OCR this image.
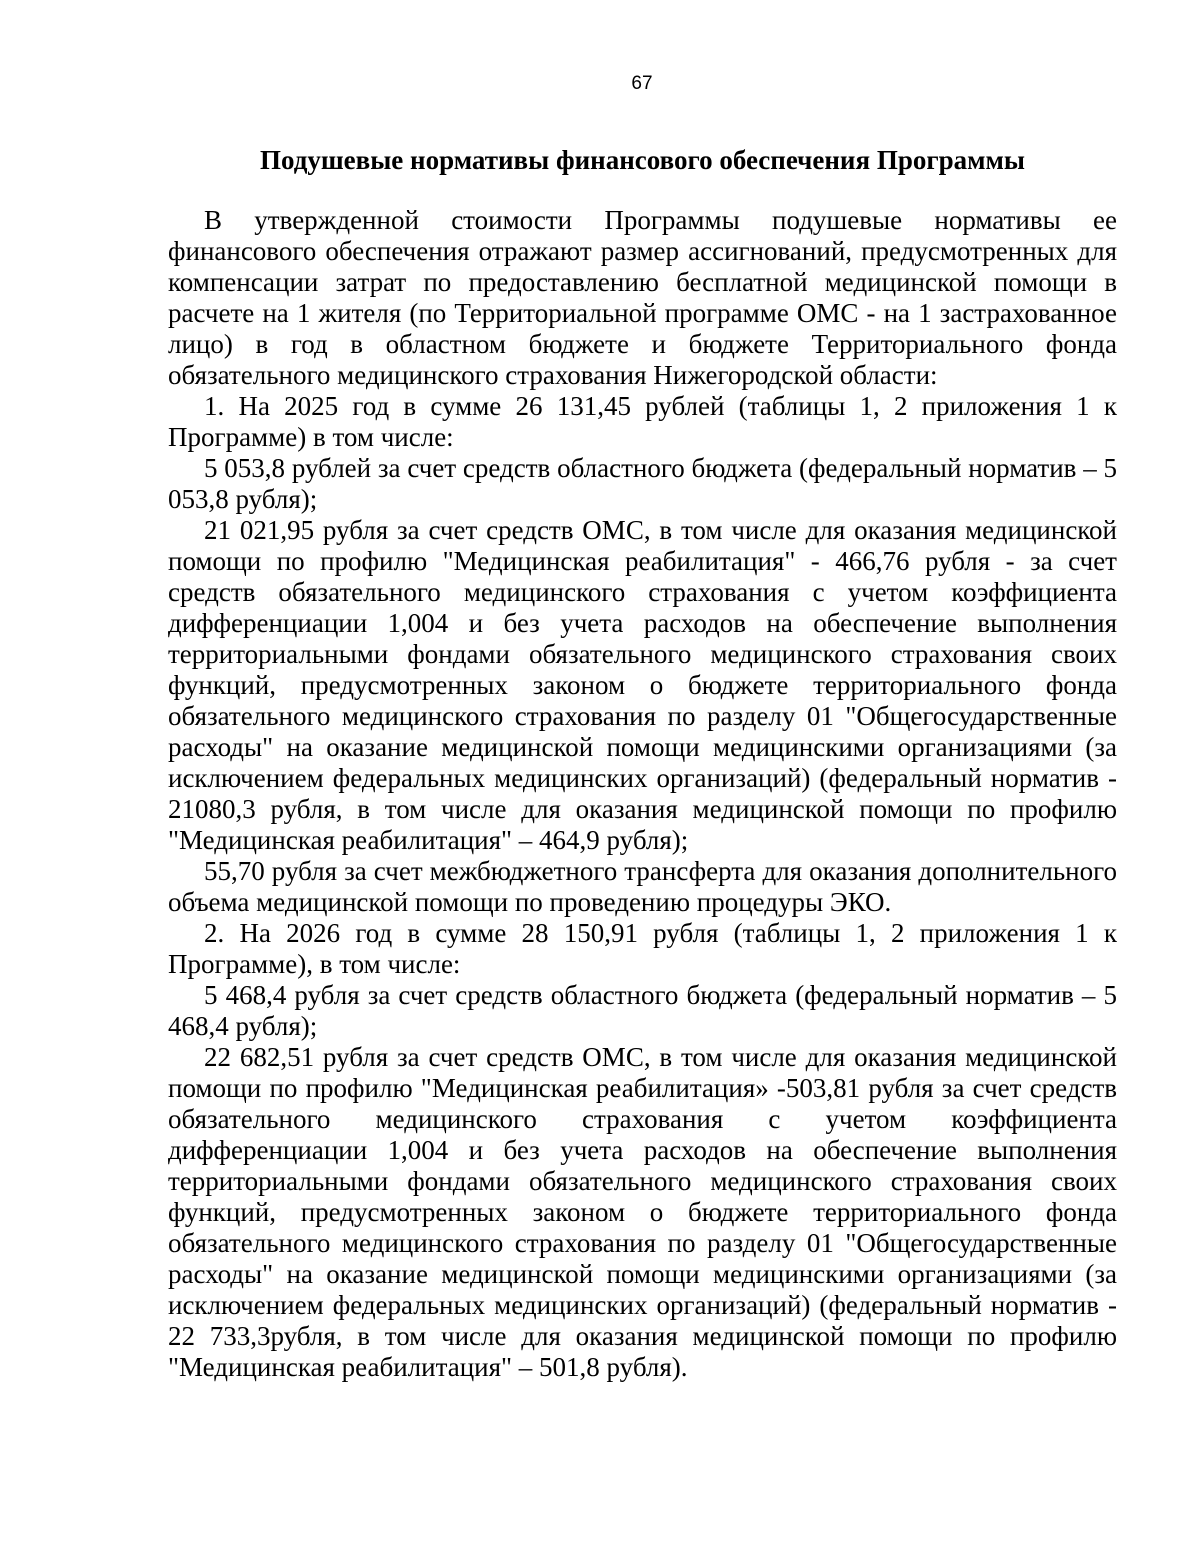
67
Подушевые нормативы финансового обеспечения Программы

В утвержденной стоимости Программы подушевые нормативы ее финансового обеспечения отражают размер ассигнований, предусмотренных для компенсации затрат по предоставлению бесплатной медицинской помощи в расчете на 1 жителя (по Территориальной программе ОМС - на 1 застрахованное лицо) в год в областном бюджете и бюджете Территориального фонда обязательного медицинского страхования Нижегородской области:

1. На 2025 год в сумме 26 131,45 рублей (таблицы 1, 2 приложения 1 к Программе) в том числе:

5 053,8 рублей за счет средств областного бюджета (федеральный норматив – 5 053,8 рубля);

21 021,95 рубля за счет средств ОМС, в том числе для оказания медицинской помощи по профилю "Медицинская реабилитация" - 466,76 рубля - за счет средств обязательного медицинского страхования с учетом коэффициента дифференциации 1,004 и без учета расходов на обеспечение выполнения территориальными фондами обязательного медицинского страхования своих функций, предусмотренных законом о бюджете территориального фонда обязательного медицинского страхования по разделу 01 "Общегосударственные расходы" на оказание медицинской помощи медицинскими организациями (за исключением федеральных медицинских организаций) (федеральный норматив - 21080,3 рубля, в том числе для оказания медицинской помощи по профилю "Медицинская реабилитация" – 464,9 рубля);

55,70 рубля за счет межбюджетного трансферта для оказания дополнительного объема медицинской помощи по проведению процедуры ЭКО.

2. На 2026 год в сумме 28 150,91 рубля (таблицы 1, 2 приложения 1 к Программе), в том числе:

5 468,4 рубля за счет средств областного бюджета (федеральный норматив – 5 468,4 рубля);

22 682,51 рубля за счет средств ОМС, в том числе для оказания медицинской помощи по профилю "Медицинская реабилитация» -503,81 рубля за счет средств обязательного медицинского страхования с учетом коэффициента дифференциации 1,004 и без учета расходов на обеспечение выполнения территориальными фондами обязательного медицинского страхования своих функций, предусмотренных законом о бюджете территориального фонда обязательного медицинского страхования по разделу 01 "Общегосударственные расходы" на оказание медицинской помощи медицинскими организациями (за исключением федеральных медицинских организаций) (федеральный норматив - 22 733,3рубля, в том числе для оказания медицинской помощи по профилю "Медицинская реабилитация" – 501,8 рубля).
